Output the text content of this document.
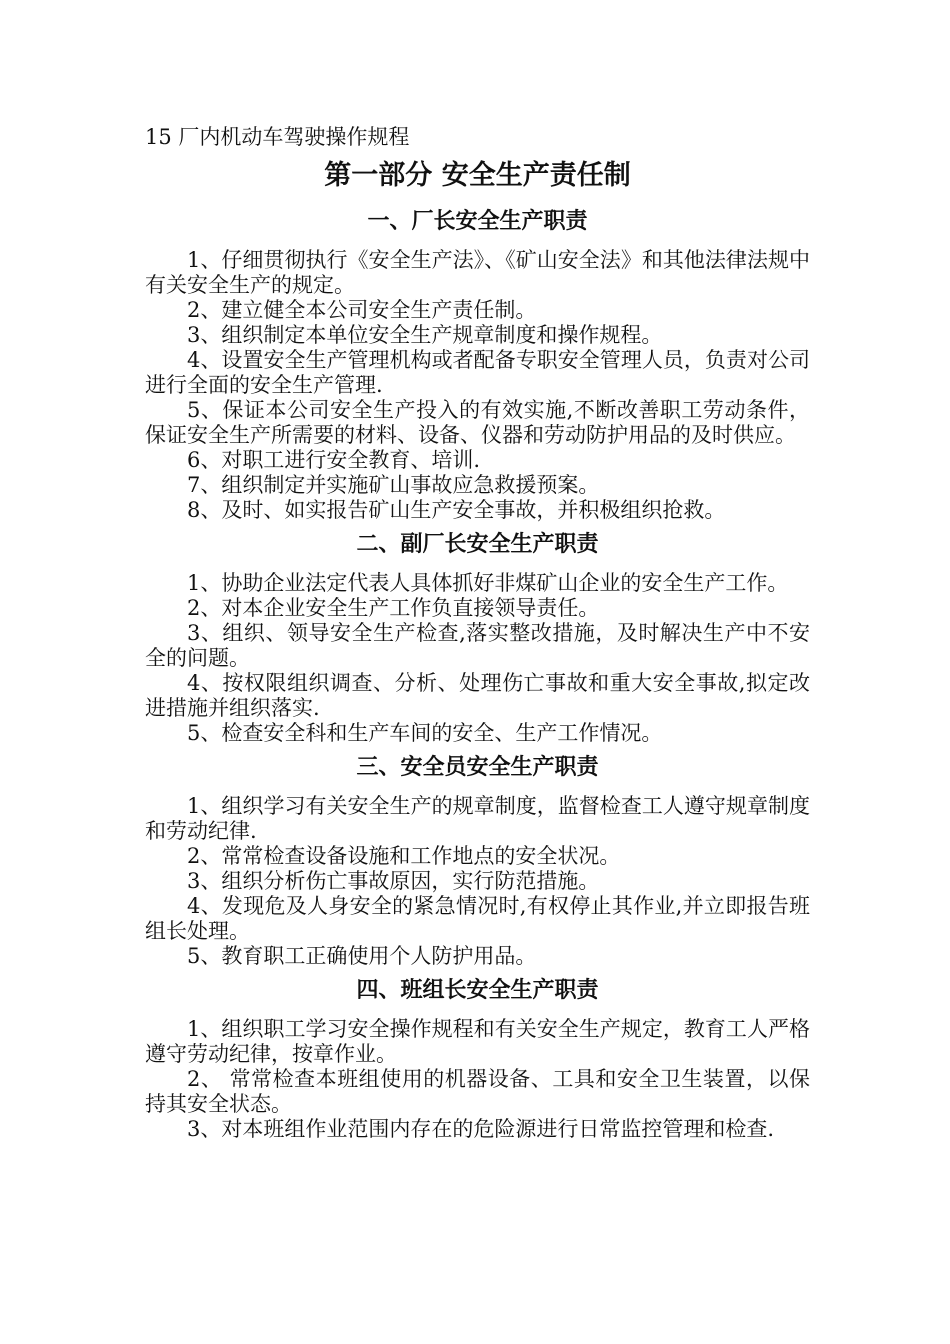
15 厂内机动车驾驶操作规程
第一部分 安全生产责任制
一、厂长安全生产职责

1、仔细贯彻执行《安全生产法》、《矿山安全法》和其他法律法规中有关安全生产的规定。

2、建立健全本公司安全生产责任制。

3、组织制定本单位安全生产规章制度和操作规程。

4、设置安全生产管理机构或者配备专职安全管理人员，负责对公司进行全面的安全生产管理.

5、保证本公司安全生产投入的有效实施,不断改善职工劳动条件，保证安全生产所需要的材料、设备、仪器和劳动防护用品的及时供应。

6、对职工进行安全教育、培训.

7、组织制定并实施矿山事故应急救援预案。

8、及时、如实报告矿山生产安全事故，并积极组织抢救。

二、副厂长安全生产职责

1、协助企业法定代表人具体抓好非煤矿山企业的安全生产工作。

2、对本企业安全生产工作负直接领导责任。

3、组织、领导安全生产检查,落实整改措施，及时解决生产中不安全的问题。

4、按权限组织调查、分析、处理伤亡事故和重大安全事故,拟定改进措施并组织落实.

5、检查安全科和生产车间的安全、生产工作情况。

三、安全员安全生产职责

1、组织学习有关安全生产的规章制度，监督检查工人遵守规章制度和劳动纪律.

2、常常检查设备设施和工作地点的安全状况。

3、组织分析伤亡事故原因，实行防范措施。

4、发现危及人身安全的紧急情况时,有权停止其作业,并立即报告班组长处理。

5、教育职工正确使用个人防护用品。

四、班组长安全生产职责

1、组织职工学习安全操作规程和有关安全生产规定，教育工人严格遵守劳动纪律，按章作业。

2、 常常检查本班组使用的机器设备、工具和安全卫生装置，以保持其安全状态。

3、对本班组作业范围内存在的危险源进行日常监控管理和检查.
